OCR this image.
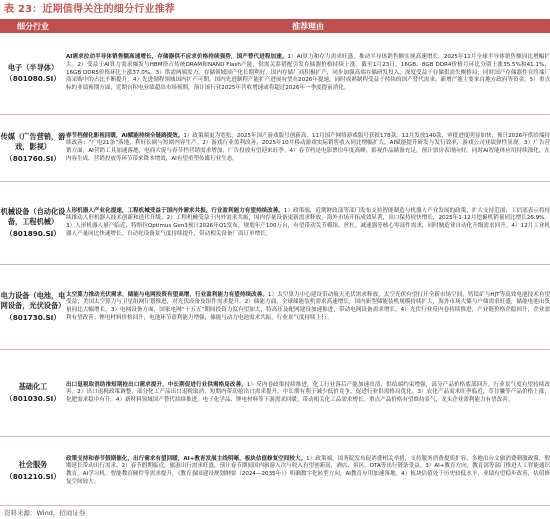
表 23：近期值得关注的细分行业推荐
细分行业	推荐理由

电子（半导体）
（801080.SI）	AI需求拉动半导体销售额高速增长，存储器供不应求价格持续强势，国产替代进程加速。1）AI算力和存力需求旺盛，推动半导体销售额实现高速增长。2025年11月全球半导体销售额同比增幅扩大。2）受益于AI算力需求爆发与HBM挤占传统DRAM和NAND Flash产能，供需关系错配引发存储器价格持续上涨。截至1月23日，16GB、8GB DDR4价格月环比分别上涨35.5%和41.1%，16GB DDR5价格环比上涨37.0%。3）供需两端发力，存储领域国产化长期利好。国内存储厂商积极扩产，同步加强高端存储研发投入，深度受益于存储供需失衡格局；同时国产存储器件在终端厂商采购中的占比不断提升。4）先进制程领域国内扩产可期，国内先进制程产能扩产进展有望在2026年提速，同时成熟制程受益于持续的国产替代需求，新增产能主要来自地方政府等资金。5）重点标的业绩预期方面，近期台积电业绩超出市场预期，预计该行业2025年营收增速或将超过2026年一季度提前消化。

传媒（广告营销，游戏，影视）
（801760.SI）	春节档催化影视回暖，AI赋能持续全链路提效。1）政策端更为宽松，2025年国产游戏版号创新高，11月国产网络游戏版号获批178款，12月发放140款，审批进度明显加快，预计2026年供给端持续改善；“广电21条”落地，利好长剧与短剧内容生产。2）游戏行业盈利改善，2025年10月移动游戏实际销售收入同比增幅扩大，AI赋能提升研发与发行效率，游戏公司业绩弹性显现。3）广告营销方面，AI营销工具加速落地，电商大促与春节档营销需求增加，广告投放有望迎来旺季。4）春节档是电影票房年度高峰，影视作品储备充足，预计票房表现向好。同时AI智能体应用持续深化，在内容生成、营销投放等环节带来降本增效，AI有望重塑传媒行业生态。

机械设备（自动化设备，工程机械）
（801890.SI）	人形机器人产业化提速，工程机械受益于国内外需求共振，行业盈利能力有望持续改善。1）政策端，近期財政部等部门发布支持智能制造与机器人产业发展的政策，扩大支持范围；工信部表示将持续推动人形机器人技术创新和迭代升级。2）工程机械受益于内外需求共振，国内存量设备更新需求释放，海外市场开拓成效显著，出口保持较快增长，2025年1-12月挖掘机销量同比增长26.9%。3）人形机器人量产临近，特斯拉Optimus Gen3预计2026年Q1发布，规划年产100万台，有望带动关节模组、丝杠、减速器等核心零部件需求，同时制造业自动化升级需求回升。4）12月工业机器人产量同比快速增长，自动化设备景气度持续提升，带动相关设备厂商订单增长。

电力设备（电池，电网设备，光伏设备）
（801730.SI）	太空算力推动光伏需求，储能与电网投资有望高增，行业盈利能力有望持续改善。1）太空算力中心建设带动航天光伏需求释放，太空光伏有望打开全新市场空间，钙钛矿与HJT等高效电池技术有望受益；美国太空算力与卫星组网计划推进，对光伏设备及组件需求提升。2）储能方面，全球储能装机需求高速增长，国内新型储能装机规模持续扩大，海外市场大储与户储需求旺盛，储能电池出货量同比大幅增长。3）电网设备方面，国家电网“十五五”期间投资力度有望加大，特高压及配网建设加速推进，带动电网设备需求增长。4）光伏行业反内卷持续推进，产业链价格企稳回升，企业盈利有望改善；锂电材料价格回升，电池环节盈利能力增强，储能与动力电池需求共振，行业景气度持续上行。

基础化工
（801030.SI）	出口退税取消助推短期抢出口需求提升，中长期促进行业供需格局改善。1）反内卷政策持续推进，化工行业落后产能加速出清，供给端约束增强，部分产品价格底部回升，行业景气度有望持续改善。2）出口退税政策调整，部分化工产品出口退税取消，短期内带动抢出口需求提升，中长期有利于减少低价竞争，促进行业供需格局优化。3）农化产品需求旺季临近，草甘膦等产品价格上涨，化肥需求稳中有升。4）新材料领域国产替代持续推进，电子化学品、锂电材料等下游需求回暖，带动相关化工品需求增长。重点产品价格有望维持景气，龙头企业盈利能力有望改善。

社会服务
（801210.SI）	政策支持和春节假期催化，出行需求有望回暖，AI+教育发展主线明晰，板块估值修复空间较大。1）政策端，国务院发布促消费相关举措，支持服务消费提质扩容，多地出台文旅消费刺激政策，假期延长带动出行需求。2）春节假期临近，旅游出行需求旺盛，预计春节期间国内旅游人次与收入有望创新高，酒店、景区、OTA等出行链条受益。3）AI+教育方向，教育部等部门推进人工智能通识教育，AI学习机、智能教育硬件等需求提升，《教育强国建设规划纲要（2024—2035年）》明确数字化转型方向，AI教育应用加速落地。4）板块估值处于历史较低水平，业绩有望稳步改善，估值修复空间较大。
资料来源：Wind，招商证券
